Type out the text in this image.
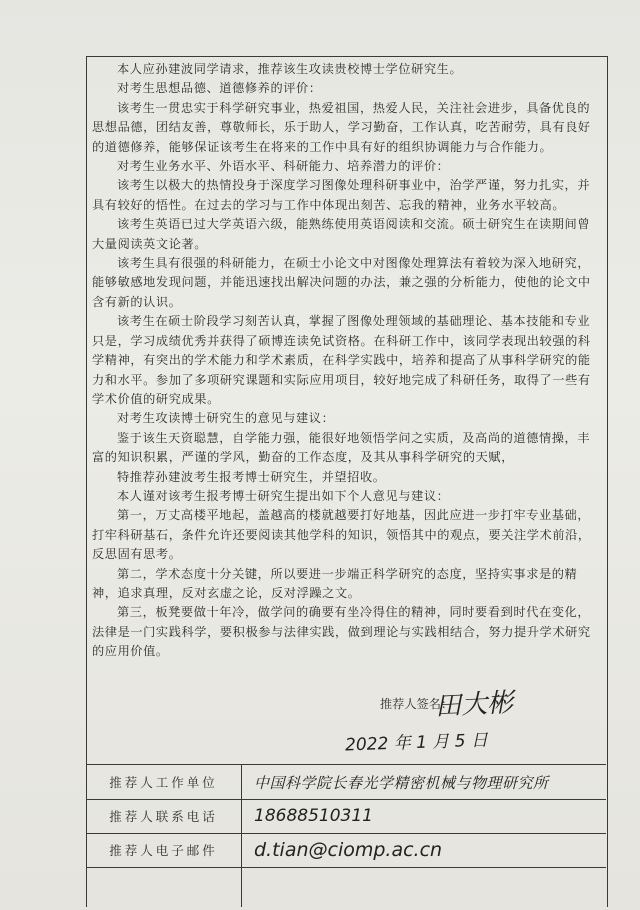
本人应孙建波同学请求，推荐该生攻读贵校博士学位研究生。

对考生思想品德、道德修养的评价：

该考生一贯忠实于科学研究事业，热爱祖国，热爱人民，关注社会进步，具备优良的思想品德，团结友善，尊敬师长，乐于助人，学习勤奋，工作认真，吃苦耐劳，具有良好的道德修养，能够保证该考生在将来的工作中具有好的组织协调能力与合作能力。

对考生业务水平、外语水平、科研能力、培养潜力的评价：

该考生以极大的热情投身于深度学习图像处理科研事业中，治学严谨，努力扎实，并具有较好的悟性。在过去的学习与工作中体现出刻苦、忘我的精神，业务水平较高。

该考生英语已过大学英语六级，能熟练使用英语阅读和交流。硕士研究生在读期间曾大量阅读英文论著。

该考生具有很强的科研能力，在硕士小论文中对图像处理算法有着较为深入地研究，能够敏感地发现问题，并能迅速找出解决问题的办法，兼之强的分析能力，使他的论文中含有新的认识。

该考生在硕士阶段学习刻苦认真，掌握了图像处理领域的基础理论、基本技能和专业只是，学习成绩优秀并获得了硕博连读免试资格。在科研工作中，该同学表现出较强的科学精神，有突出的学术能力和学术素质，在科学实践中，培养和提高了从事科学研究的能力和水平。参加了多项研究课题和实际应用项目，较好地完成了科研任务，取得了一些有学术价值的研究成果。

对考生攻读博士研究生的意见与建议：

鉴于该生天资聪慧，自学能力强，能很好地领悟学问之实质，及高尚的道德情操，丰富的知识积累，严谨的学风，勤奋的工作态度，及其从事科学研究的天赋，

特推荐孙建波考生报考博士研究生，并望招收。

本人谨对该考生报考博士研究生提出如下个人意见与建议：

第一，万丈高楼平地起，盖越高的楼就越要打好地基，因此应进一步打牢专业基础，打牢科研基石，条件允许还要阅读其他学科的知识，领悟其中的观点，要关注学术前沿，反思固有思考。

第二，学术态度十分关键，所以要进一步端正科学研究的态度，坚持实事求是的精神，追求真理，反对玄虚之论，反对浮躁之文。

第三，板凳要做十年冷，做学问的确要有坐冷得住的精神，同时要看到时代在变化，法律是一门实践科学，要积极参与法律实践，做到理论与实践相结合，努力提升学术研究的应用价值。

推荐人签名：
田大彬
2022 年 1 月 5 日
推荐人工作单位	中国科学院长春光学精密机械与物理研究所
推荐人联系电话	18688510311
推荐人电子邮件	d.tian@ciomp.ac.cn
